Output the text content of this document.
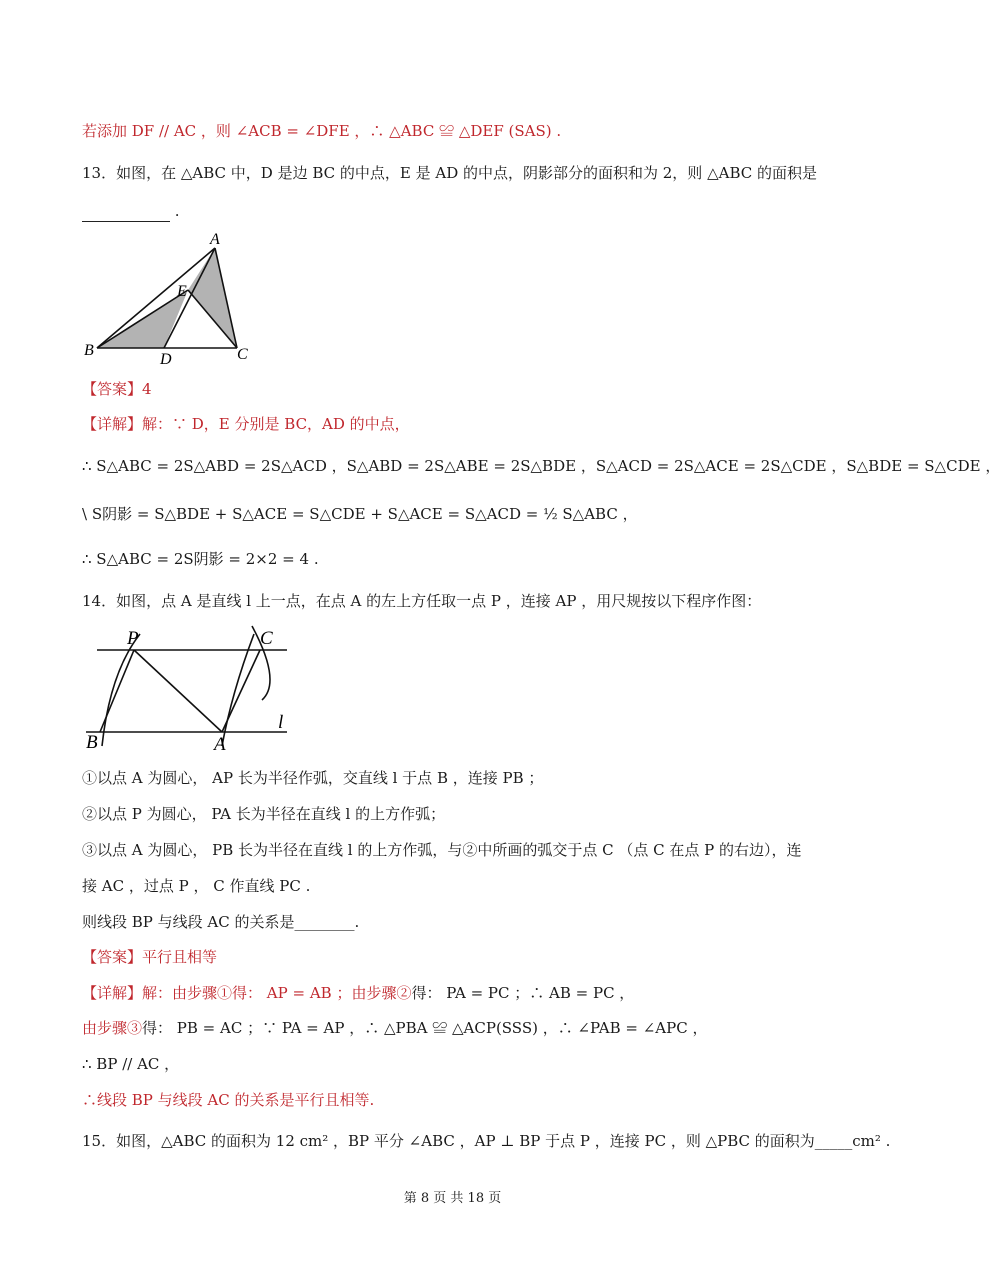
若添加 DF // AC ，则 ∠ACB = ∠DFE ，∴ △ABC ≌ △DEF (SAS) .
13．如图，在 △ABC 中，D 是边 BC 的中点，E 是 AD 的中点，阴影部分的面积和为 2，则 △ABC 的面积是
.
A
B	C
D
E
【答案】4
【详解】解：∵ D，E 分别是 BC，AD 的中点，
∴ S△ABC = 2S△ABD = 2S△ACD ，S△ABD = 2S△ABE = 2S△BDE ，S△ACD = 2S△ACE = 2S△CDE ，S△BDE = S△CDE ，
\ S阴影 = S△BDE + S△ACE = S△CDE + S△ACE = S△ACD = ½ S△ABC ，
∴ S△ABC = 2S阴影 = 2×2 = 4 .
14．如图，点 A 是直线 l 上一点，在点 A 的左上方任取一点 P ，连接 AP ，用尺规按以下程序作图：
P	C
B	A
l
①以点 A 为圆心， AP 长为半径作弧，交直线 l 于点 B ，连接 PB ；
②以点 P 为圆心， PA 长为半径在直线 l 的上方作弧；
③以点 A 为圆心， PB 长为半径在直线 l 的上方作弧，与②中所画的弧交于点 C （点 C 在点 P 的右边），连
接 AC ，过点 P ， C 作直线 PC .
则线段 BP 与线段 AC 的关系是________.
【答案】平行且相等
【详解】解：由步骤①得： AP = AB ；由步骤②得： PA = PC ；∴ AB = PC ，
由步骤③得： PB = AC ；∵ PA = AP ，∴ △PBA ≌ △ACP(SSS) ，∴ ∠PAB = ∠APC ，
∴ BP // AC ，
∴线段 BP 与线段 AC 的关系是平行且相等.
15．如图，△ABC 的面积为 12 cm² ，BP 平分 ∠ABC ，AP ⊥ BP 于点 P ，连接 PC ，则 △PBC 的面积为_____cm² .
第 8 页 共 18 页
